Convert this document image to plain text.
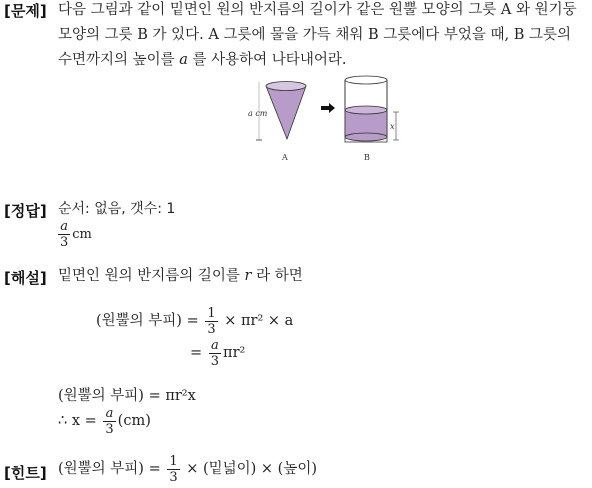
[문제] 다음 그림과 같이 밑면인 원의 반지름의 길이가 같은 원뿔 모양의 그릇 A 와 원기둥
모양의 그릇 B 가 있다. A 그릇에 물을 가득 채워 B 그릇에다 부었을 때, B 그릇의
수면까지의 높이를 a 를 사용하여 나타내어라.
a cm
A
x
B
[정답] 순서: 없음, 갯수: 1
$\frac{a}{3}$ cm
[해설] 밑면인 원의 반지름의 길이를 r 라 하면
(원뿔의 부피) = $\frac{1}{3} \times \pi r^2 \times a$
= $\frac{a}{3} \pi r^2$
(원뿔의 부피) = πr²x
∴ $x = \frac{a}{3} (cm)$
[힌트] (원뿔의 부피) = $\frac{1}{3}$ × (밑넓이) × (높이)
